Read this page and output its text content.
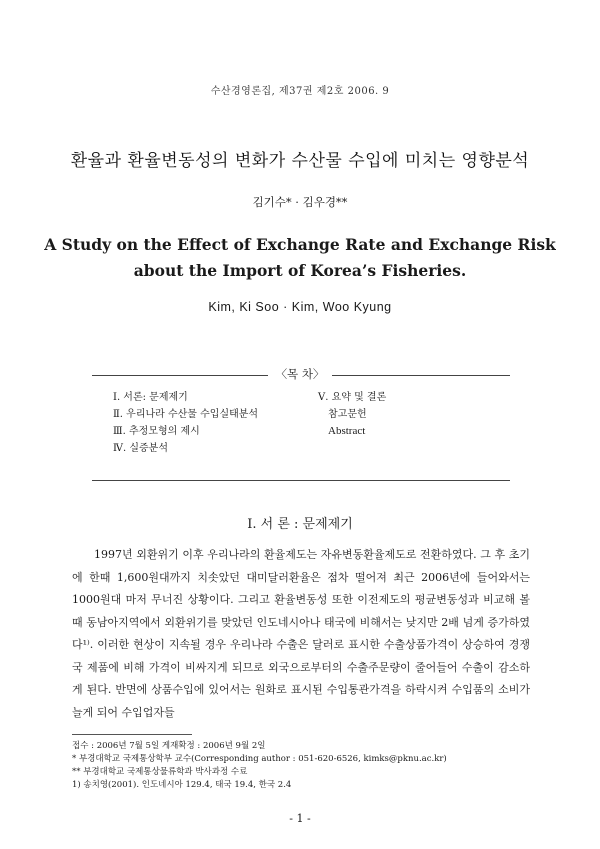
수산경영론집, 제37권 제2호 2006. 9
환율과 환율변동성의 변화가 수산물 수입에 미치는 영향분석
김기수* · 김우경**
A Study on the Effect of Exchange Rate and Exchange Risk about the Import of Korea’s Fisheries.
Kim, Ki Soo · Kim, Woo Kyung
〈목 차〉
Ⅰ. 서론: 문제제기
Ⅱ. 우리나라 수산물 수입실태분석
Ⅲ. 추정모형의 제시
Ⅳ. 실증분석
Ⅴ. 요약 및 결론
참고문헌
Abstract
Ⅰ. 서 론 : 문제제기

1997년 외환위기 이후 우리나라의 환율제도는 자유변동환율제도로 전환하였다. 그 후 초기에 한때 1,600원대까지 치솟았던 대미달러환율은 점차 떨어져 최근 2006년에 들어와서는 1000원대 마저 무너진 상황이다. 그리고 환율변동성 또한 이전제도의 평균변동성과 비교해 볼 때 동남아지역에서 외환위기를 맞았던 인도네시아나 태국에 비해서는 낮지만 2배 넘게 증가하였다¹⁾. 이러한 현상이 지속될 경우 우리나라 수출은 달러로 표시한 수출상품가격이 상승하여 경쟁국 제품에 비해 가격이 비싸지게 되므로 외국으로부터의 수출주문량이 줄어들어 수출이 감소하게 된다. 반면에 상품수입에 있어서는 원화로 표시된 수입통관가격을 하락시켜 수입품의 소비가 늘게 되어 수입업자들

접수 : 2006년 7월 5일 게재확정 : 2006년 9월 2일
* 부경대학교 국제통상학부 교수(Corresponding author : 051-620-6526, kimks@pknu.ac.kr)
** 부경대학교 국제통상물류학과 박사과정 수료
1) 송치영(2001). 인도네시아 129.4, 태국 19.4, 한국 2.4
- 1 -
